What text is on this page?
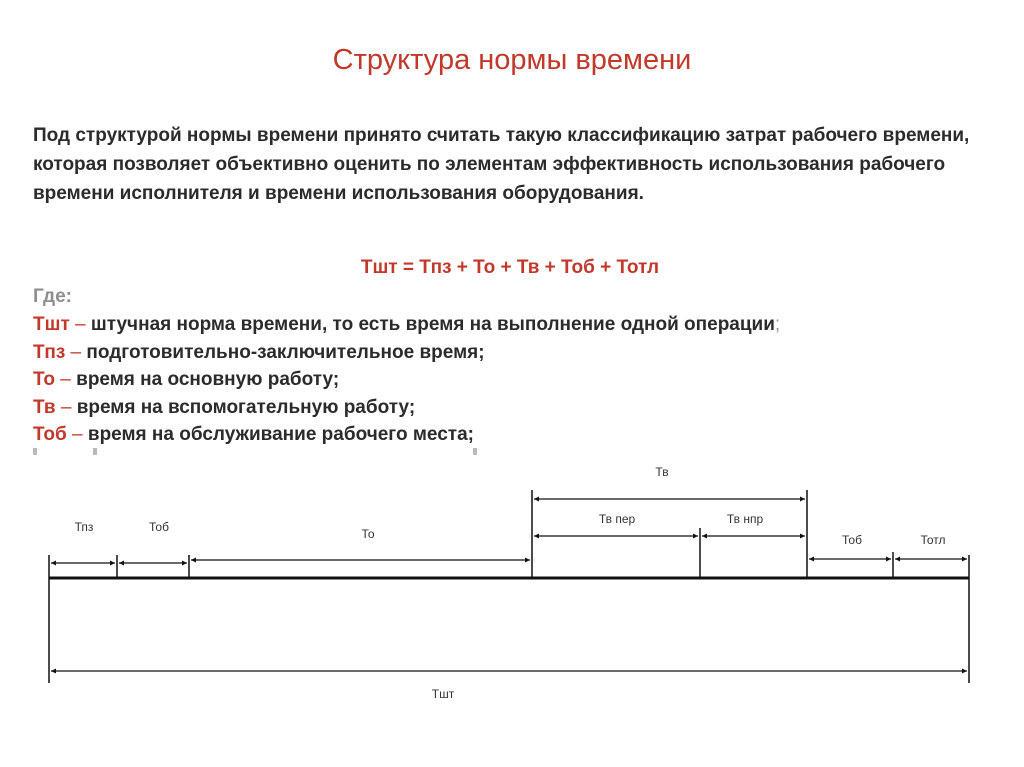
Структура нормы времени
Под структурой нормы времени принято считать такую классификацию затрат рабочего времени, которая позволяет объективно оценить по элементам эффективность использования рабочего времени исполнителя и времени использования оборудования.
Тшт = Тпз + То + Тв + Тоб + Тотл
Где:
Тшт – штучная норма времени, то есть время на выполнение одной операции;
Тпз – подготовительно-заключительное время;
То – время на основную работу;
Тв – время на вспомогательную работу;
Тоб – время на обслуживание рабочего места;
Тпз	Тоб	То
Тв
Тв пер	Тв нпр
Тоб	Тотл
Тшт
